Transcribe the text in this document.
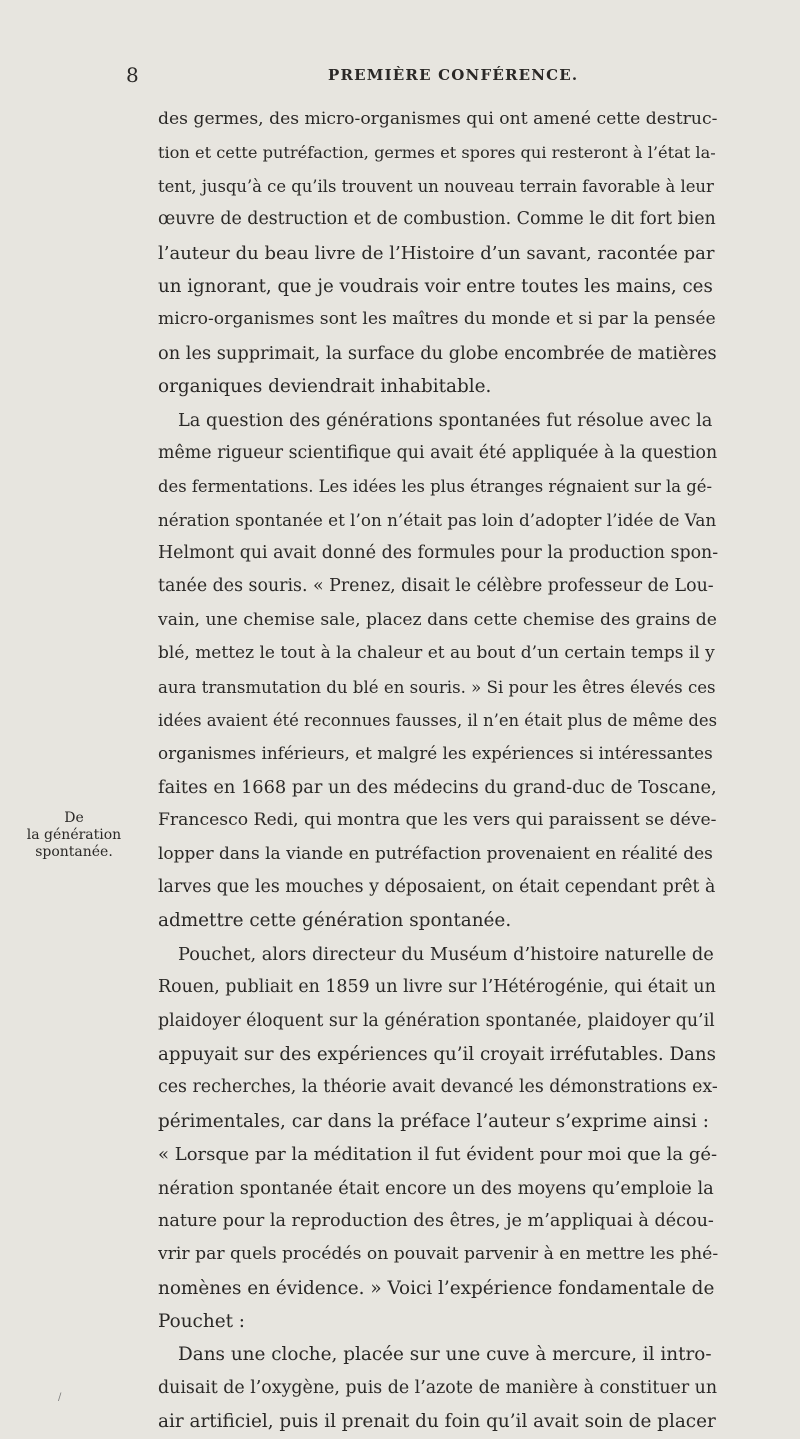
8	PREMIÈRE CONFÉRENCE.
De
la génération
spontanée.
des germes, des micro-organismes qui ont amené cette destruc-
tion et cette putréfaction, germes et spores qui resteront à l’état la-
tent, jusqu’à ce qu’ils trouvent un nouveau terrain favorable à leur
œuvre de destruction et de combustion. Comme le dit fort bien
l’auteur du beau livre de l’Histoire d’un savant, racontée par
un ignorant, que je voudrais voir entre toutes les mains, ces
micro-organismes sont les maîtres du monde et si par la pensée
on les supprimait, la surface du globe encombrée de matières
organiques deviendrait inhabitable.
La question des générations spontanées fut résolue avec la
même rigueur scientifique qui avait été appliquée à la question
des fermentations. Les idées les plus étranges régnaient sur la gé-
nération spontanée et l’on n’était pas loin d’adopter l’idée de Van
Helmont qui avait donné des formules pour la production spon-
tanée des souris. « Prenez, disait le célèbre professeur de Lou-
vain, une chemise sale, placez dans cette chemise des grains de
blé, mettez le tout à la chaleur et au bout d’un certain temps il y
aura transmutation du blé en souris. » Si pour les êtres élevés ces
idées avaient été reconnues fausses, il n’en était plus de même des
organismes inférieurs, et malgré les expériences si intéressantes
faites en 1668 par un des médecins du grand-duc de Toscane,
Francesco Redi, qui montra que les vers qui paraissent se déve-
lopper dans la viande en putréfaction provenaient en réalité des
larves que les mouches y déposaient, on était cependant prêt à
admettre cette génération spontanée.
Pouchet, alors directeur du Muséum d’histoire naturelle de
Rouen, publiait en 1859 un livre sur l’Hétérogénie, qui était un
plaidoyer éloquent sur la génération spontanée, plaidoyer qu’il
appuyait sur des expériences qu’il croyait irréfutables. Dans
ces recherches, la théorie avait devancé les démonstrations ex-
périmentales, car dans la préface l’auteur s’exprime ainsi :
« Lorsque par la méditation il fut évident pour moi que la gé-
nération spontanée était encore un des moyens qu’emploie la
nature pour la reproduction des êtres, je m’appliquai à décou-
vrir par quels procédés on pouvait parvenir à en mettre les phé-
nomènes en évidence. » Voici l’expérience fondamentale de
Pouchet :
Dans une cloche, placée sur une cuve à mercure, il intro-
duisait de l’oxygène, puis de l’azote de manière à constituer un
air artificiel, puis il prenait du foin qu’il avait soin de placer
/
